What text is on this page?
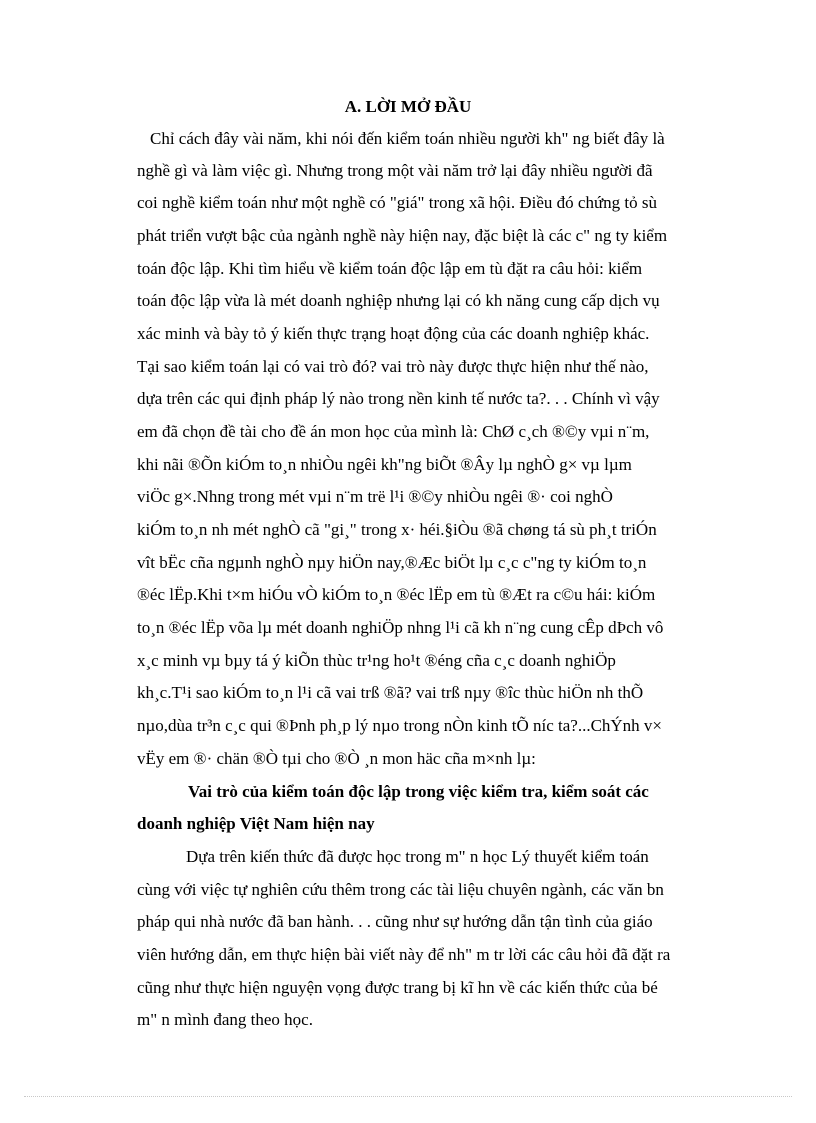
A. LỜI MỞ ĐẦU
Chỉ cách đây vài năm, khi nói đến kiểm toán nhiều người kh" ng biết đây là
nghề gì và làm việc gì. Nhưng trong một vài năm trở lại đây nhiều người đã
coi nghề kiểm toán như một nghề có "giá" trong xã hội. Điều đó chứng tỏ sù
phát triển vượt bậc của ngành nghề này hiện nay, đặc biệt là các c" ng ty kiểm
toán độc lập. Khi tìm hiểu về kiểm toán độc lập em tù đặt ra câu hỏi: kiểm
toán độc lập vừa là mét doanh nghiệp nhưng lại có kh năng cung cấp dịch vụ
xác minh và bày tỏ ý kiến thực trạng hoạt động của các doanh nghiệp khác.
Tại sao kiểm toán lại có vai trò đó? vai trò này được thực hiện như thế nào,
dựa trên các qui định pháp lý nào trong nền kinh tế nước ta?. . . Chính vì vậy
em đã chọn đề tài cho đề án mon học của mình là: ChØ c¸ch ®©y vµi n¨m,
khi nãi ®Õn kiÓm to¸n nhiÒu ngêi kh"ng biÕt ®Ây lµ nghÒ g× vµ lµm
viÖc g×.Nhng trong mét vµi n¨m trë l¹i ®©y nhiÒu ngêi ®· coi nghÒ
kiÓm to¸n nh mét nghÒ cã "gi¸" trong x· héi.§iÒu ®ã chøng tá sù ph¸t triÓn
vît bËc cña ngµnh nghÒ nµy hiÖn nay,®Æc biÖt lµ c¸c c"ng ty kiÓm to¸n
®éc lËp.Khi t×m hiÓu vÒ kiÓm to¸n ®éc lËp em tù ®Æt ra c©u hái: kiÓm
to¸n ®éc lËp võa lµ mét doanh nghiÖp nhng l¹i cã kh n¨ng cung cÊp dÞch vô
x¸c minh vµ bµy tá ý kiÕn thùc tr¹ng ho¹t ®éng cña c¸c doanh nghiÖp
kh¸c.T¹i sao kiÓm to¸n l¹i cã vai trß ®ã? vai trß nµy ®îc thùc hiÖn nh thÕ
nµo,dùa tr³n c¸c qui ®Þnh ph¸p lý nµo trong nÒn kinh tÕ níc ta?...ChÝnh v×
vËy em ®· chän ®Ò tµi cho ®Ò ¸n mon häc cña m×nh lµ:
Vai trò của kiểm toán độc lập trong việc kiểm tra, kiểm soát các
doanh nghiệp Việt Nam hiện nay
Dựa trên kiến thức đã được học trong m" n học Lý thuyết kiểm toán
cùng với việc tự nghiên cứu thêm trong các tài liệu chuyên ngành, các văn bn
pháp qui nhà nước đã ban hành. . . cũng như sự hướng dẫn tận tình của giáo
viên hướng dẫn, em thực hiện bài viết này để nh" m tr lời các câu hỏi đã đặt ra
cũng như thực hiện nguyện vọng được trang bị kĩ hn về các kiến thức của bé
m" n mình đang theo học.
